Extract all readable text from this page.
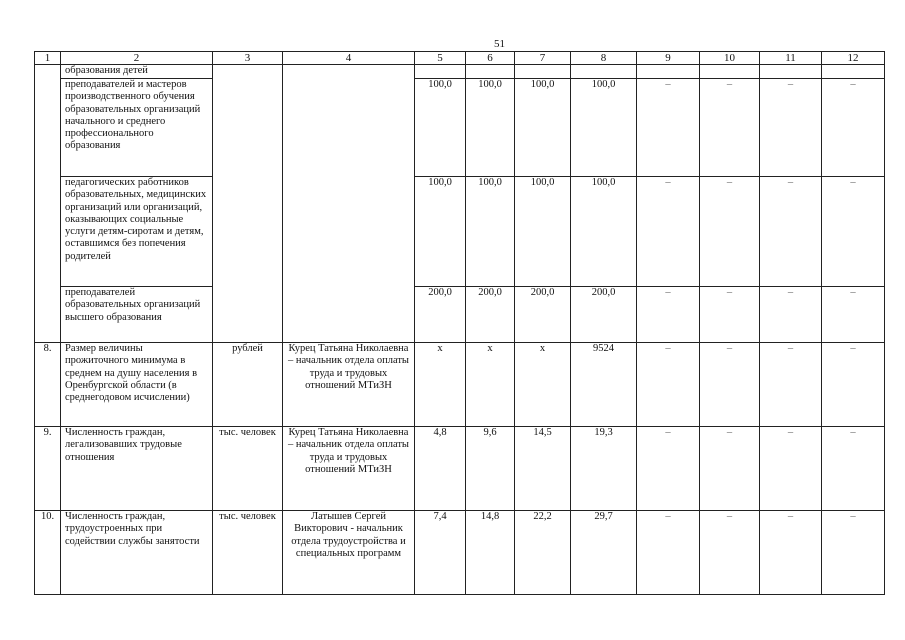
51
1	2	3	4	5	6	7	8	9	10	11	12
	образования детей										
	преподавателей и мастеров производственного обучения образовательных организаций начального и среднего профессионального образования			100,0	100,0	100,0	100,0	–	–	–	–
	педагогических работников образовательных, медицинских организаций или организаций, оказывающих социальные услуги детям-сиротам и детям, оставшимся без попечения родителей			100,0	100,0	100,0	100,0	–	–	–	–
	преподавателей образовательных организаций высшего образования			200,0	200,0	200,0	200,0	–	–	–	–
8.	Размер величины прожиточного минимума в среднем на душу населения в Оренбургской области (в среднегодовом исчислении)	рублей	Курец Татьяна Николаевна – начальник отдела оплаты труда и трудовых отношений МТиЗН	х	х	х	9524	–	–	–	–
9.	Численность граждан, легализовавших трудовые отношения	тыс. человек	Курец Татьяна Николаевна – начальник отдела оплаты труда и трудовых отношений МТиЗН	4,8	9,6	14,5	19,3	–	–	–	–
10.	Численность граждан, трудоустроенных при содействии службы занятости	тыс. человек	Латышев Сергей Викторович - начальник отдела трудоустройства и специальных программ	7,4	14,8	22,2	29,7	–	–	–	–
